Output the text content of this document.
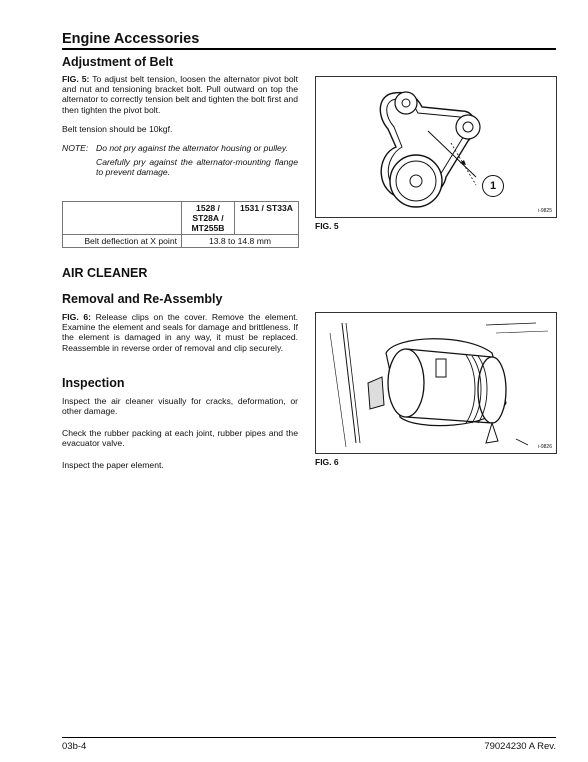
Engine Accessories
Adjustment of Belt
FIG. 5: To adjust belt tension, loosen the alternator pivot bolt and nut and tensioning bracket bolt. Pull outward on top the alternator to correctly tension belt and tighten the bolt first and then tighten the pivot bolt.
Belt tension should be 10kgf.
NOTE: Do not pry against the alternator housing or pulley.
Carefully pry against the alternator-mounting flange to prevent damage.
	1528 / ST28A / MT255B	1531 / ST33A
Belt deflection at X point	13.8 to 14.8 mm	
1
i-9825
FIG. 5
AIR CLEANER
Removal and Re-Assembly
FIG. 6: Release clips on the cover. Remove the element. Examine the element and seals for damage and brittleness. If the element is damaged in any way, it must be replaced. Reassemble in reverse order of removal and clip securely.
Inspection
Inspect the air cleaner visually for cracks, deformation, or other damage.
Check the rubber packing at each joint, rubber pipes and the evacuator valve.
Inspect the paper element.
i-9826
FIG. 6
03b-4	79024230 A Rev.
